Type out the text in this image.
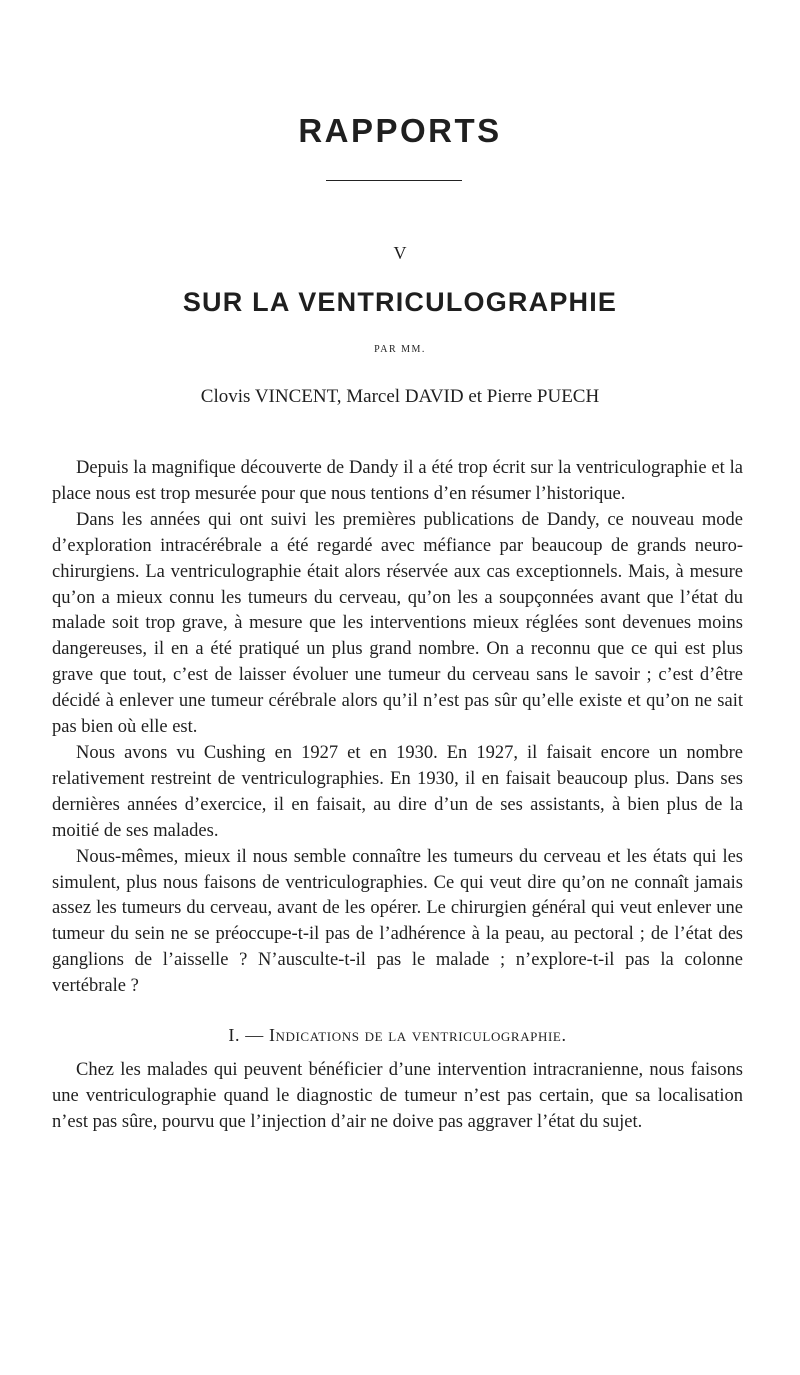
RAPPORTS
V
SUR LA VENTRICULOGRAPHIE
PAR MM.
Clovis VINCENT, Marcel DAVID et Pierre PUECH

Depuis la magnifique découverte de Dandy il a été trop écrit sur la ventriculographie et la place nous est trop mesurée pour que nous tentions d’en résumer l’historique.

Dans les années qui ont suivi les premières publications de Dandy, ce nouveau mode d’exploration intracérébrale a été regardé avec méfiance par beaucoup de grands neuro-chirurgiens. La ventriculographie était alors réservée aux cas exceptionnels. Mais, à mesure qu’on a mieux connu les tumeurs du cerveau, qu’on les a soupçonnées avant que l’état du malade soit trop grave, à mesure que les interventions mieux réglées sont devenues moins dangereuses, il en a été pratiqué un plus grand nombre. On a reconnu que ce qui est plus grave que tout, c’est de laisser évoluer une tumeur du cerveau sans le savoir ; c’est d’être décidé à enlever une tumeur cérébrale alors qu’il n’est pas sûr qu’elle existe et qu’on ne sait pas bien où elle est.

Nous avons vu Cushing en 1927 et en 1930. En 1927, il faisait encore un nombre relativement restreint de ventriculographies. En 1930, il en faisait beaucoup plus. Dans ses dernières années d’exercice, il en faisait, au dire d’un de ses assistants, à bien plus de la moitié de ses malades.

Nous-mêmes, mieux il nous semble connaître les tumeurs du cerveau et les états qui les simulent, plus nous faisons de ventriculographies. Ce qui veut dire qu’on ne connaît jamais assez les tumeurs du cerveau, avant de les opérer. Le chirurgien général qui veut enlever une tumeur du sein ne se préoccupe-t-il pas de l’adhérence à la peau, au pectoral ; de l’état des ganglions de l’aisselle ? N’ausculte-t-il pas le malade ; n’explore-t-il pas la colonne vertébrale ?

I. — Indications de la ventriculographie.

Chez les malades qui peuvent bénéficier d’une intervention intracranienne, nous faisons une ventriculographie quand le diagnostic de tumeur n’est pas certain, que sa localisation n’est pas sûre, pourvu que l’injection d’air ne doive pas aggraver l’état du sujet.
